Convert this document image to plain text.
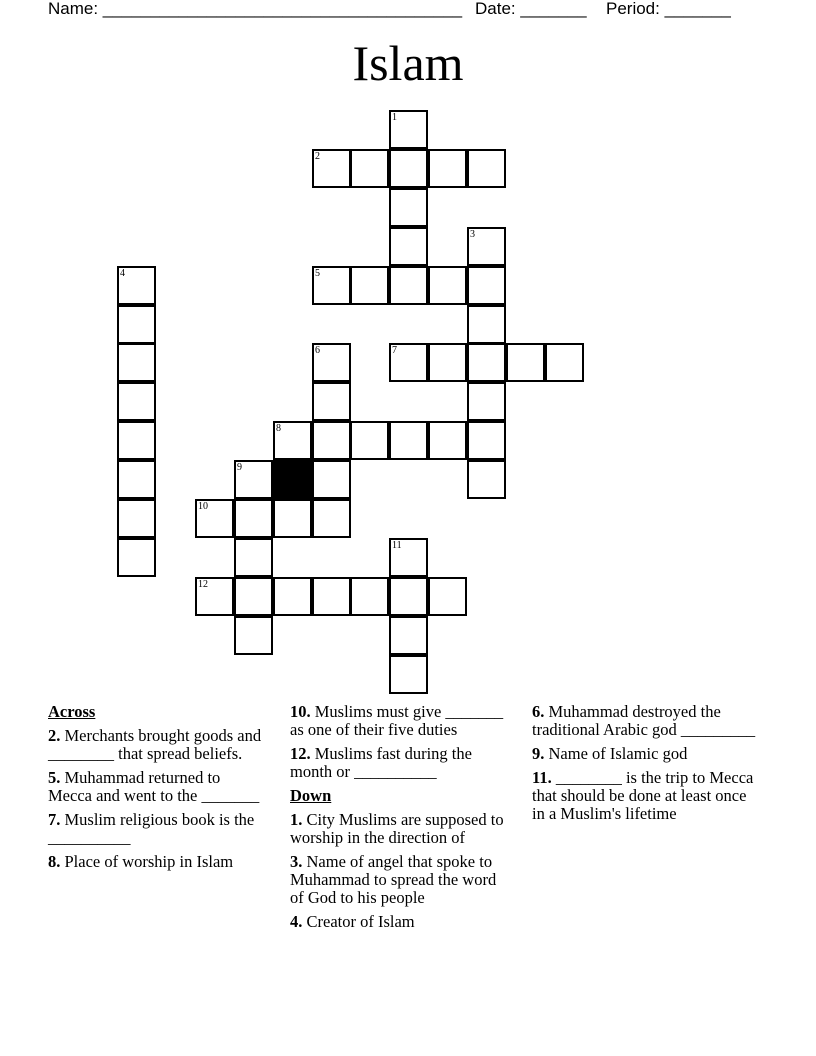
Name: ______________________________________ Date: _______ Period: _______
Islam
1
2
3
4	5
6	7
8
9
10
11
12
Across
2. Merchants brought goods and ________ that spread beliefs.
5. Muhammad returned to Mecca and went to the _______
7. Muslim religious book is the __________
8. Place of worship in Islam
10. Muslims must give _______ as one of their five duties
12. Muslims fast during the month or __________
Down
1. City Muslims are supposed to worship in the direction of
3. Name of angel that spoke to Muhammad to spread the word of God to his people
4. Creator of Islam
6. Muhammad destroyed the traditional Arabic god _________
9. Name of Islamic god
11. ________ is the trip to Mecca that should be done at least once in a Muslim's lifetime
